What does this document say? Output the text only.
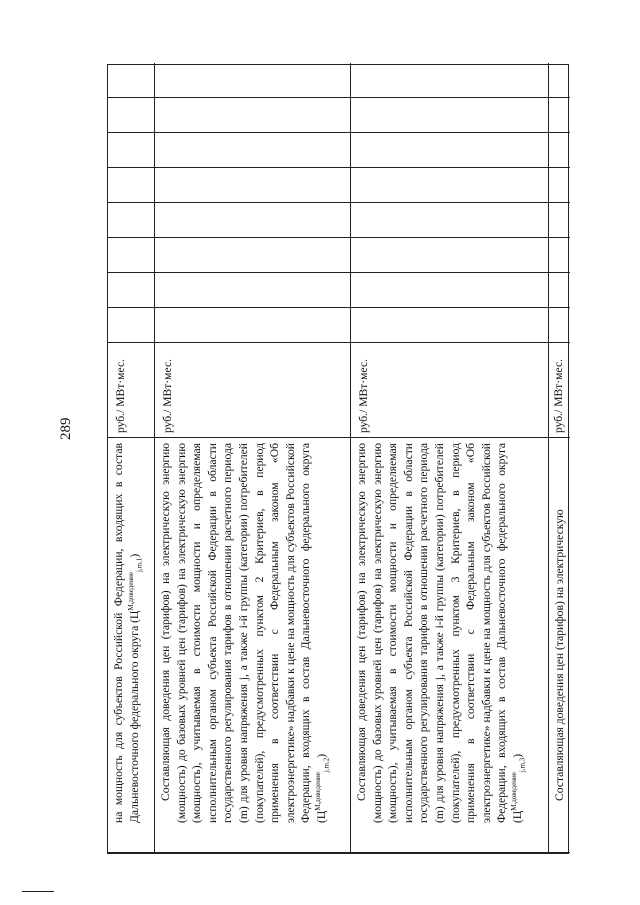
289
на мощность для субъектов Российской Федерации, входящих в состав Дальневосточного федерального округа $(Ц^{М,доведение}_{j,m,1})$
руб./ МВт·мес.
Составляющая доведения цен (тарифов) на электрическую энергию (мощность) до базовых уровней цен (тарифов) на электрическую энергию (мощность), учитываемая в стоимости мощности и определяемая исполнительным органом субъекта Российской Федерации в области государственного регулирования тарифов в отношении расчетного периода (m) для уровня напряжения j, а также i-й группы (категории) потребителей (покупателей), предусмотренных пунктом 2 Критериев, в период применения в соответствии с Федеральным законом «Об электроэнергетике» надбавки к цене на мощность для субъектов Российской Федерации, входящих в состав Дальневосточного федерального округа $(Ц^{М,доведение}_{j,m,2})$
руб./ МВт·мес.
Составляющая доведения цен (тарифов) на электрическую энергию (мощность) до базовых уровней цен (тарифов) на электрическую энергию (мощность), учитываемая в стоимости мощности и определяемая исполнительным органом субъекта Российской Федерации в области государственного регулирования тарифов в отношении расчетного периода (m) для уровня напряжения j, а также i-й группы (категории) потребителей (покупателей), предусмотренных пунктом 3 Критериев, в период применения в соответствии с Федеральным законом «Об электроэнергетике» надбавки к цене на мощность для субъектов Российской Федерации, входящих в состав Дальневосточного федерального округа $(Ц^{М,доведение}_{j,m,3})$
руб./ МВт·мес.
Составляющая доведения цен (тарифов) на электрическую
руб./ МВт·мес.
